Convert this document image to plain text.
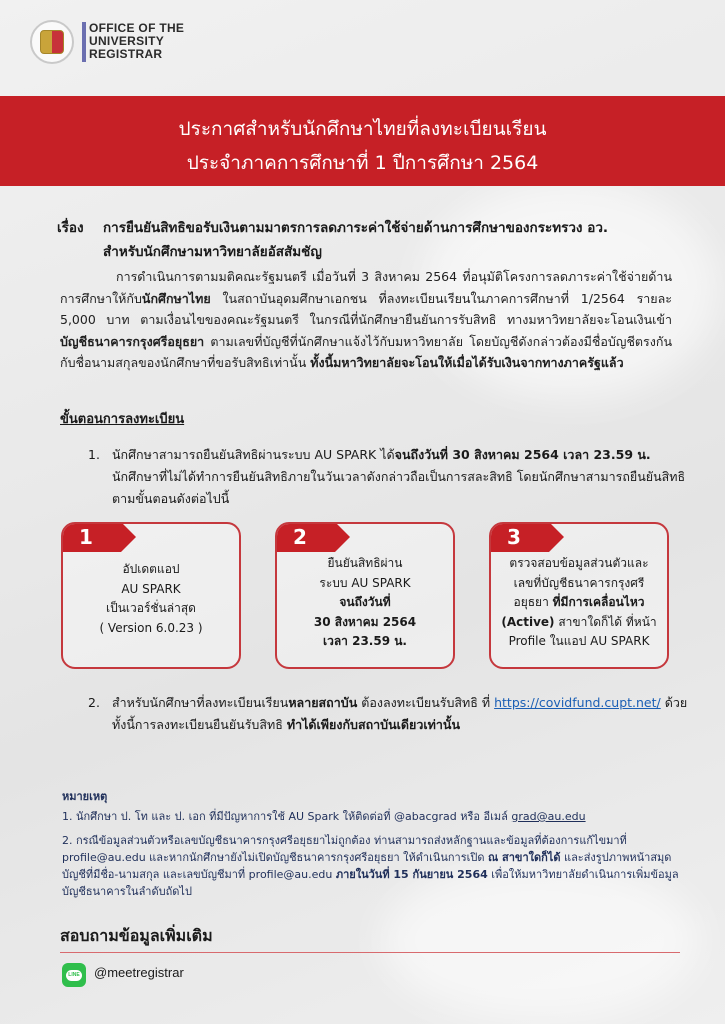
OFFICE OF THE
UNIVERSITY
REGISTRAR
ประกาศสำหรับนักศึกษาไทยที่ลงทะเบียนเรียน
ประจำภาคการศึกษาที่ 1 ปีการศึกษา 2564
เรื่อง การยืนยันสิทธิขอรับเงินตามมาตรการลดภาระค่าใช้จ่ายด้านการศึกษาของกระทรวง อว.
สำหรับนักศึกษามหาวิทยาลัยอัสสัมชัญ
การดำเนินการตามมติคณะรัฐมนตรี เมื่อวันที่ 3 สิงหาคม 2564 ที่อนุมัติโครงการลดภาระค่าใช้จ่ายด้านการศึกษาให้กับนักศึกษาไทย ในสถาบันอุดมศึกษาเอกชน ที่ลงทะเบียนเรียนในภาคการศึกษาที่ 1/2564 รายละ 5,000 บาท ตามเงื่อนไขของคณะรัฐมนตรี ในกรณีที่นักศึกษายืนยันการรับสิทธิ ทางมหาวิทยาลัยจะโอนเงินเข้า บัญชีธนาคารกรุงศรีอยุธยา ตามเลขที่บัญชีที่นักศึกษาแจ้งไว้กับมหาวิทยาลัย โดยบัญชีดังกล่าวต้องมีชื่อบัญชีตรงกันกับชื่อนามสกุลของนักศึกษาที่ขอรับสิทธิเท่านั้น ทั้งนี้มหาวิทยาลัยจะโอนให้เมื่อได้รับเงินจากทางภาครัฐแล้ว
ขั้นตอนการลงทะเบียน
1. นักศึกษาสามารถยืนยันสิทธิผ่านระบบ AU SPARK ได้จนถึงวันที่ 30 สิงหาคม 2564 เวลา 23.59 น. นักศึกษาที่ไม่ได้ทำการยืนยันสิทธิภายในวันเวลาดังกล่าวถือเป็นการสละสิทธิ โดยนักศึกษาสามารถยืนยันสิทธิตามขั้นตอนดังต่อไปนี้
1
อัปเดตแอป
AU SPARK
เป็นเวอร์ชั่นล่าสุด
( Version 6.0.23 )
2
ยืนยันสิทธิผ่าน
ระบบ AU SPARK
จนถึงวันที่
30 สิงหาคม 2564
เวลา 23.59 น.
3
ตรวจสอบข้อมูลส่วนตัวและ
เลขที่บัญชีธนาคารกรุงศรี
อยุธยา ที่มีการเคลื่อนไหว
(Active) สาขาใดก็ได้ ที่หน้า
Profile ในแอป AU SPARK
2. สำหรับนักศึกษาที่ลงทะเบียนเรียนหลายสถาบัน ต้องลงทะเบียนรับสิทธิ ที่ https://covidfund.cupt.net/ ด้วย ทั้งนี้การลงทะเบียนยืนยันรับสิทธิ ทำได้เพียงกับสถาบันเดียวเท่านั้น
หมายเหตุ
1. นักศึกษา ป. โท และ ป. เอก ที่มีปัญหาการใช้ AU Spark ให้ติดต่อที่ @abacgrad หรือ อีเมล์ grad@au.edu
2. กรณีข้อมูลส่วนตัวหรือเลขบัญชีธนาคารกรุงศรีอยุธยาไม่ถูกต้อง ท่านสามารถส่งหลักฐานและข้อมูลที่ต้องการแก้ไขมาที่ profile@au.edu และหากนักศึกษายังไม่เปิดบัญชีธนาคารกรุงศรีอยุธยา ให้ดำเนินการเปิด ณ สาขาใดก็ได้ และส่งรูปภาพหน้าสมุดบัญชีที่มีชื่อ-นามสกุล และเลขบัญชีมาที่ profile@au.edu ภายในวันที่ 15 กันยายน 2564 เพื่อให้มหาวิทยาลัยดำเนินการเพิ่มข้อมูลบัญชีธนาคารในลำดับถัดไป
สอบถามข้อมูลเพิ่มเติม
LINE @meetregistrar
